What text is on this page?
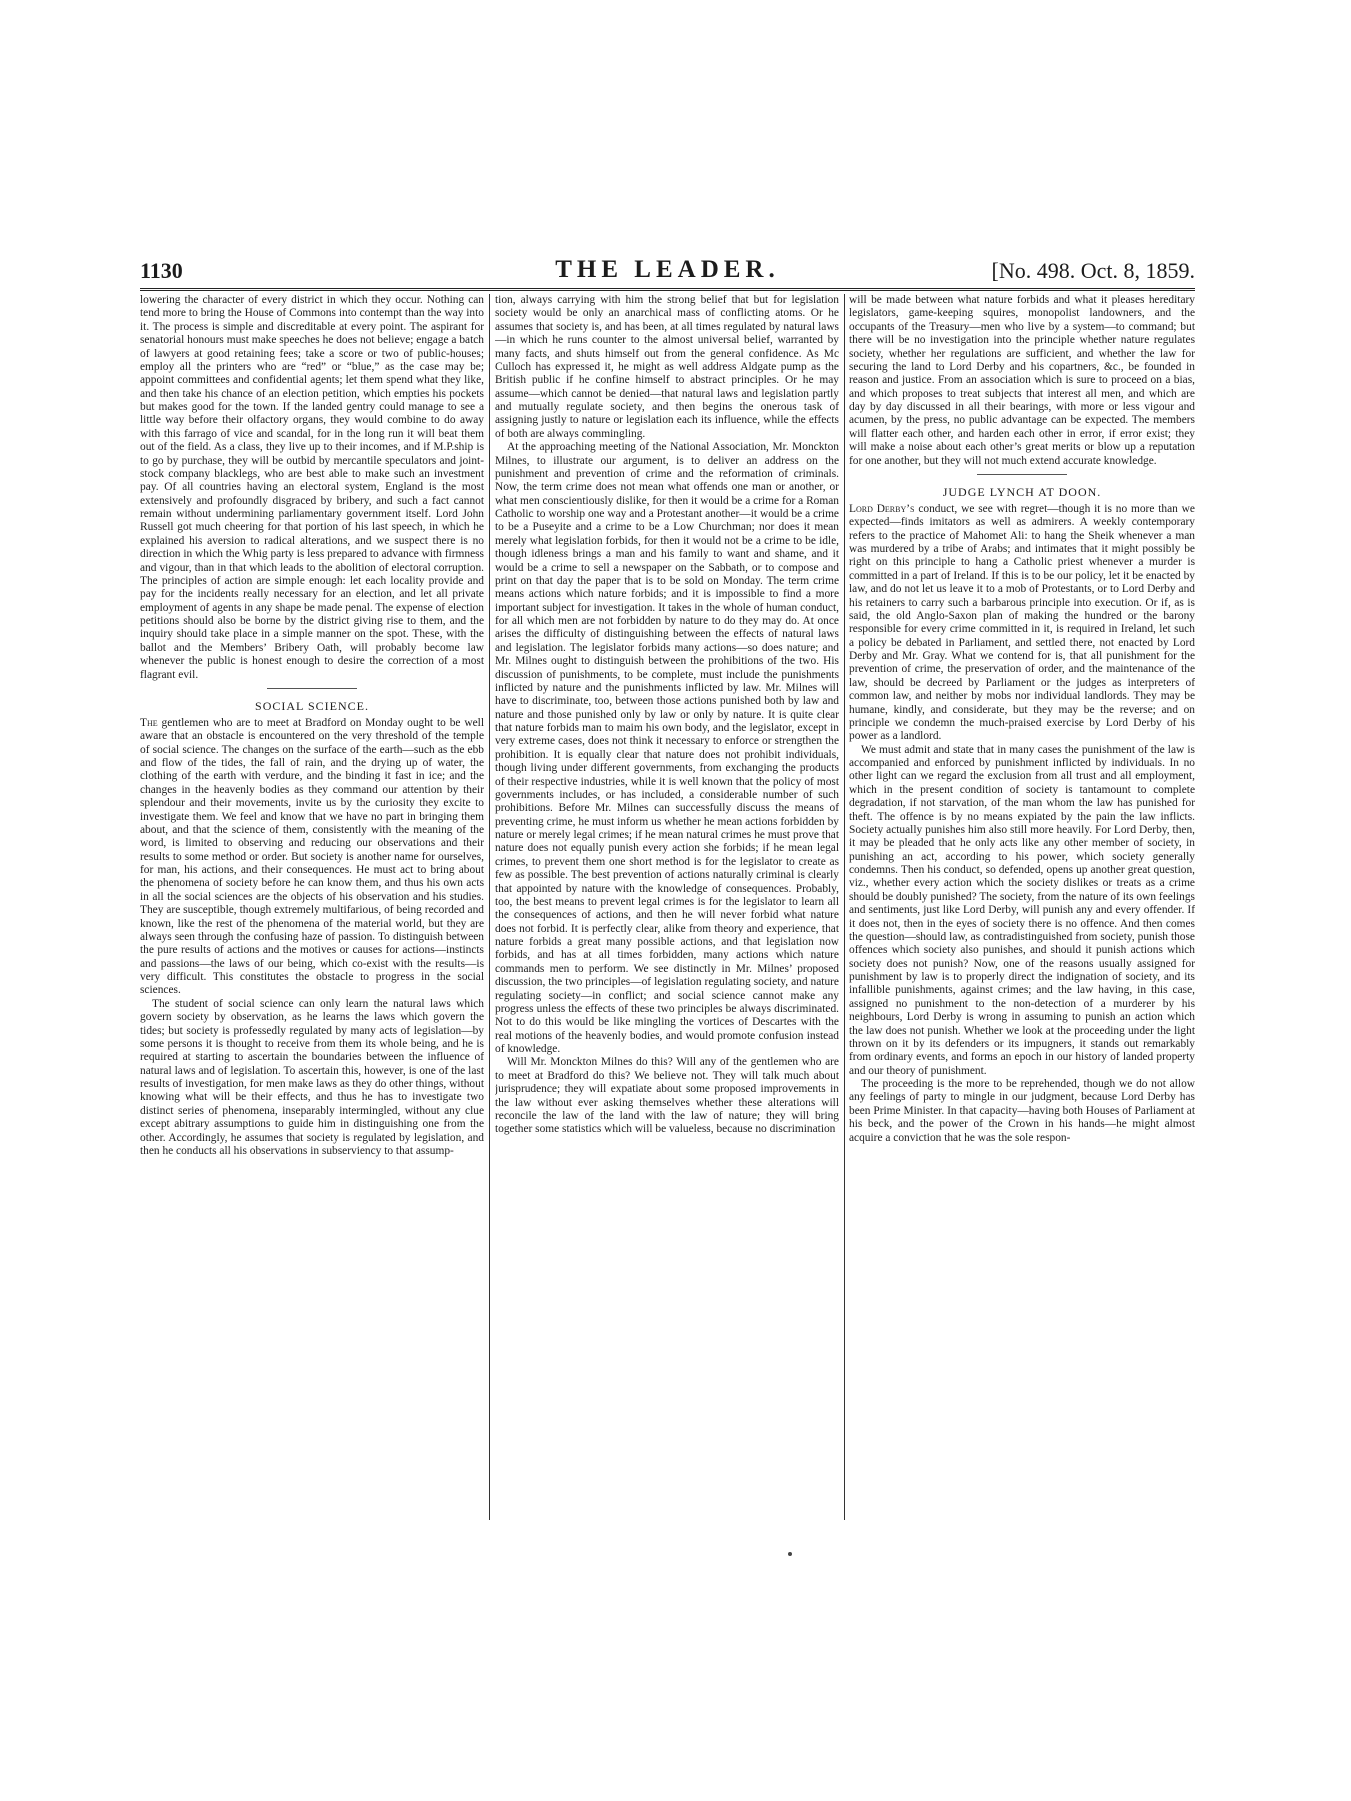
1130	THE LEADER.	[No. 498. Oct. 8, 1859.

lowering the character of every district in which they occur. Nothing can tend more to bring the House of Commons into contempt than the way into it. The process is simple and discreditable at every point. The aspirant for senatorial honours must make speeches he does not believe; engage a batch of lawyers at good retaining fees; take a score or two of public-houses; employ all the printers who are “red” or “blue,” as the case may be; appoint committees and confidential agents; let them spend what they like, and then take his chance of an election petition, which empties his pockets but makes good for the town. If the landed gentry could manage to see a little way before their olfactory organs, they would combine to do away with this farrago of vice and scandal, for in the long run it will beat them out of the field. As a class, they live up to their incomes, and if M.P.ship is to go by purchase, they will be outbid by mercantile speculators and joint-stock company blacklegs, who are best able to make such an investment pay. Of all countries having an electoral system, England is the most extensively and profoundly disgraced by bribery, and such a fact cannot remain without undermining parliamentary government itself. Lord John Russell got much cheering for that portion of his last speech, in which he explained his aversion to radical alterations, and we suspect there is no direction in which the Whig party is less prepared to advance with firmness and vigour, than in that which leads to the abolition of electoral corruption. The principles of action are simple enough: let each locality provide and pay for the incidents really necessary for an election, and let all private employment of agents in any shape be made penal. The expense of election petitions should also be borne by the district giving rise to them, and the inquiry should take place in a simple manner on the spot. These, with the ballot and the Members’ Bribery Oath, will probably become law whenever the public is honest enough to desire the correction of a most flagrant evil.

SOCIAL SCIENCE.

The gentlemen who are to meet at Bradford on Monday ought to be well aware that an obstacle is encountered on the very threshold of the temple of social science. The changes on the surface of the earth—such as the ebb and flow of the tides, the fall of rain, and the drying up of water, the clothing of the earth with verdure, and the binding it fast in ice; and the changes in the heavenly bodies as they command our attention by their splendour and their movements, invite us by the curiosity they excite to investigate them. We feel and know that we have no part in bringing them about, and that the science of them, consistently with the meaning of the word, is limited to observing and reducing our observations and their results to some method or order. But society is another name for ourselves, for man, his actions, and their consequences. He must act to bring about the phenomena of society before he can know them, and thus his own acts in all the social sciences are the objects of his observation and his studies. They are susceptible, though extremely multifarious, of being recorded and known, like the rest of the phenomena of the material world, but they are always seen through the confusing haze of passion. To distinguish between the pure results of actions and the motives or causes for actions—instincts and passions—the laws of our being, which co-exist with the results—is very difficult. This constitutes the obstacle to progress in the social sciences.

The student of social science can only learn the natural laws which govern society by observation, as he learns the laws which govern the tides; but society is professedly regulated by many acts of legislation—by some persons it is thought to receive from them its whole being, and he is required at starting to ascertain the boundaries between the influence of natural laws and of legislation. To ascertain this, however, is one of the last results of investigation, for men make laws as they do other things, without knowing what will be their effects, and thus he has to investigate two distinct series of phenomena, inseparably intermingled, without any clue except abitrary assumptions to guide him in distinguishing one from the other. Accordingly, he assumes that society is regulated by legislation, and then he conducts all his observations in subserviency to that assump-

tion, always carrying with him the strong belief that but for legislation society would be only an anarchical mass of conflicting atoms. Or he assumes that society is, and has been, at all times regulated by natural laws—in which he runs counter to the almost universal belief, warranted by many facts, and shuts himself out from the general confidence. As Mc Culloch has expressed it, he might as well address Aldgate pump as the British public if he confine himself to abstract principles. Or he may assume—which cannot be denied—that natural laws and legislation partly and mutually regulate society, and then begins the onerous task of assigning justly to nature or legislation each its influence, while the effects of both are always commingling.

At the approaching meeting of the National Association, Mr. Monckton Milnes, to illustrate our argument, is to deliver an address on the punishment and prevention of crime and the reformation of criminals. Now, the term crime does not mean what offends one man or another, or what men conscientiously dislike, for then it would be a crime for a Roman Catholic to worship one way and a Protestant another—it would be a crime to be a Puseyite and a crime to be a Low Churchman; nor does it mean merely what legislation forbids, for then it would not be a crime to be idle, though idleness brings a man and his family to want and shame, and it would be a crime to sell a newspaper on the Sabbath, or to compose and print on that day the paper that is to be sold on Monday. The term crime means actions which nature forbids; and it is impossible to find a more important subject for investigation. It takes in the whole of human conduct, for all which men are not forbidden by nature to do they may do. At once arises the difficulty of distinguishing between the effects of natural laws and legislation. The legislator forbids many actions—so does nature; and Mr. Milnes ought to distinguish between the prohibitions of the two. His discussion of punishments, to be complete, must include the punishments inflicted by nature and the punishments inflicted by law. Mr. Milnes will have to discriminate, too, between those actions punished both by law and nature and those punished only by law or only by nature. It is quite clear that nature forbids man to maim his own body, and the legislator, except in very extreme cases, does not think it necessary to enforce or strengthen the prohibition. It is equally clear that nature does not prohibit individuals, though living under different governments, from exchanging the products of their respective industries, while it is well known that the policy of most governments includes, or has included, a considerable number of such prohibitions. Before Mr. Milnes can successfully discuss the means of preventing crime, he must inform us whether he mean actions forbidden by nature or merely legal crimes; if he mean natural crimes he must prove that nature does not equally punish every action she forbids; if he mean legal crimes, to prevent them one short method is for the legislator to create as few as possible. The best prevention of actions naturally criminal is clearly that appointed by nature with the knowledge of consequences. Probably, too, the best means to prevent legal crimes is for the legislator to learn all the consequences of actions, and then he will never forbid what nature does not forbid. It is perfectly clear, alike from theory and experience, that nature forbids a great many possible actions, and that legislation now forbids, and has at all times forbidden, many actions which nature commands men to perform. We see distinctly in Mr. Milnes’ proposed discussion, the two principles—of legislation regulating society, and nature regulating society—in conflict; and social science cannot make any progress unless the effects of these two principles be always discriminated. Not to do this would be like mingling the vortices of Descartes with the real motions of the heavenly bodies, and would promote confusion instead of knowledge.

Will Mr. Monckton Milnes do this? Will any of the gentlemen who are to meet at Bradford do this? We believe not. They will talk much about jurisprudence; they will expatiate about some proposed improvements in the law without ever asking themselves whether these alterations will reconcile the law of the land with the law of nature; they will bring together some statistics which will be valueless, because no discrimination

will be made between what nature forbids and what it pleases hereditary legislators, game-keeping squires, monopolist landowners, and the occupants of the Treasury—men who live by a system—to command; but there will be no investigation into the principle whether nature regulates society, whether her regulations are sufficient, and whether the law for securing the land to Lord Derby and his copartners, &c., be founded in reason and justice. From an association which is sure to proceed on a bias, and which proposes to treat subjects that interest all men, and which are day by day discussed in all their bearings, with more or less vigour and acumen, by the press, no public advantage can be expected. The members will flatter each other, and harden each other in error, if error exist; they will make a noise about each other’s great merits or blow up a reputation for one another, but they will not much extend accurate knowledge.

JUDGE LYNCH AT DOON.

Lord Derby’s conduct, we see with regret—though it is no more than we expected—finds imitators as well as admirers. A weekly contemporary refers to the practice of Mahomet Ali: to hang the Sheik whenever a man was murdered by a tribe of Arabs; and intimates that it might possibly be right on this principle to hang a Catholic priest whenever a murder is committed in a part of Ireland. If this is to be our policy, let it be enacted by law, and do not let us leave it to a mob of Protestants, or to Lord Derby and his retainers to carry such a barbarous principle into execution. Or if, as is said, the old Anglo-Saxon plan of making the hundred or the barony responsible for every crime committed in it, is required in Ireland, let such a policy be debated in Parliament, and settled there, not enacted by Lord Derby and Mr. Gray. What we contend for is, that all punishment for the prevention of crime, the preservation of order, and the maintenance of the law, should be decreed by Parliament or the judges as interpreters of common law, and neither by mobs nor individual landlords. They may be humane, kindly, and considerate, but they may be the reverse; and on principle we condemn the much-praised exercise by Lord Derby of his power as a landlord.

We must admit and state that in many cases the punishment of the law is accompanied and enforced by punishment inflicted by individuals. In no other light can we regard the exclusion from all trust and all employment, which in the present condition of society is tantamount to complete degradation, if not starvation, of the man whom the law has punished for theft. The offence is by no means expiated by the pain the law inflicts. Society actually punishes him also still more heavily. For Lord Derby, then, it may be pleaded that he only acts like any other member of society, in punishing an act, according to his power, which society generally condemns. Then his conduct, so defended, opens up another great question, viz., whether every action which the society dislikes or treats as a crime should be doubly punished? The society, from the nature of its own feelings and sentiments, just like Lord Derby, will punish any and every offender. If it does not, then in the eyes of society there is no offence. And then comes the question—should law, as contradistinguished from society, punish those offences which society also punishes, and should it punish actions which society does not punish? Now, one of the reasons usually assigned for punishment by law is to properly direct the indignation of society, and its infallible punishments, against crimes; and the law having, in this case, assigned no punishment to the non-detection of a murderer by his neighbours, Lord Derby is wrong in assuming to punish an action which the law does not punish. Whether we look at the proceeding under the light thrown on it by its defenders or its impugners, it stands out remarkably from ordinary events, and forms an epoch in our history of landed property and our theory of punishment.

The proceeding is the more to be reprehended, though we do not allow any feelings of party to mingle in our judgment, because Lord Derby has been Prime Minister. In that capacity—having both Houses of Parliament at his beck, and the power of the Crown in his hands—he might almost acquire a conviction that he was the sole respon-
